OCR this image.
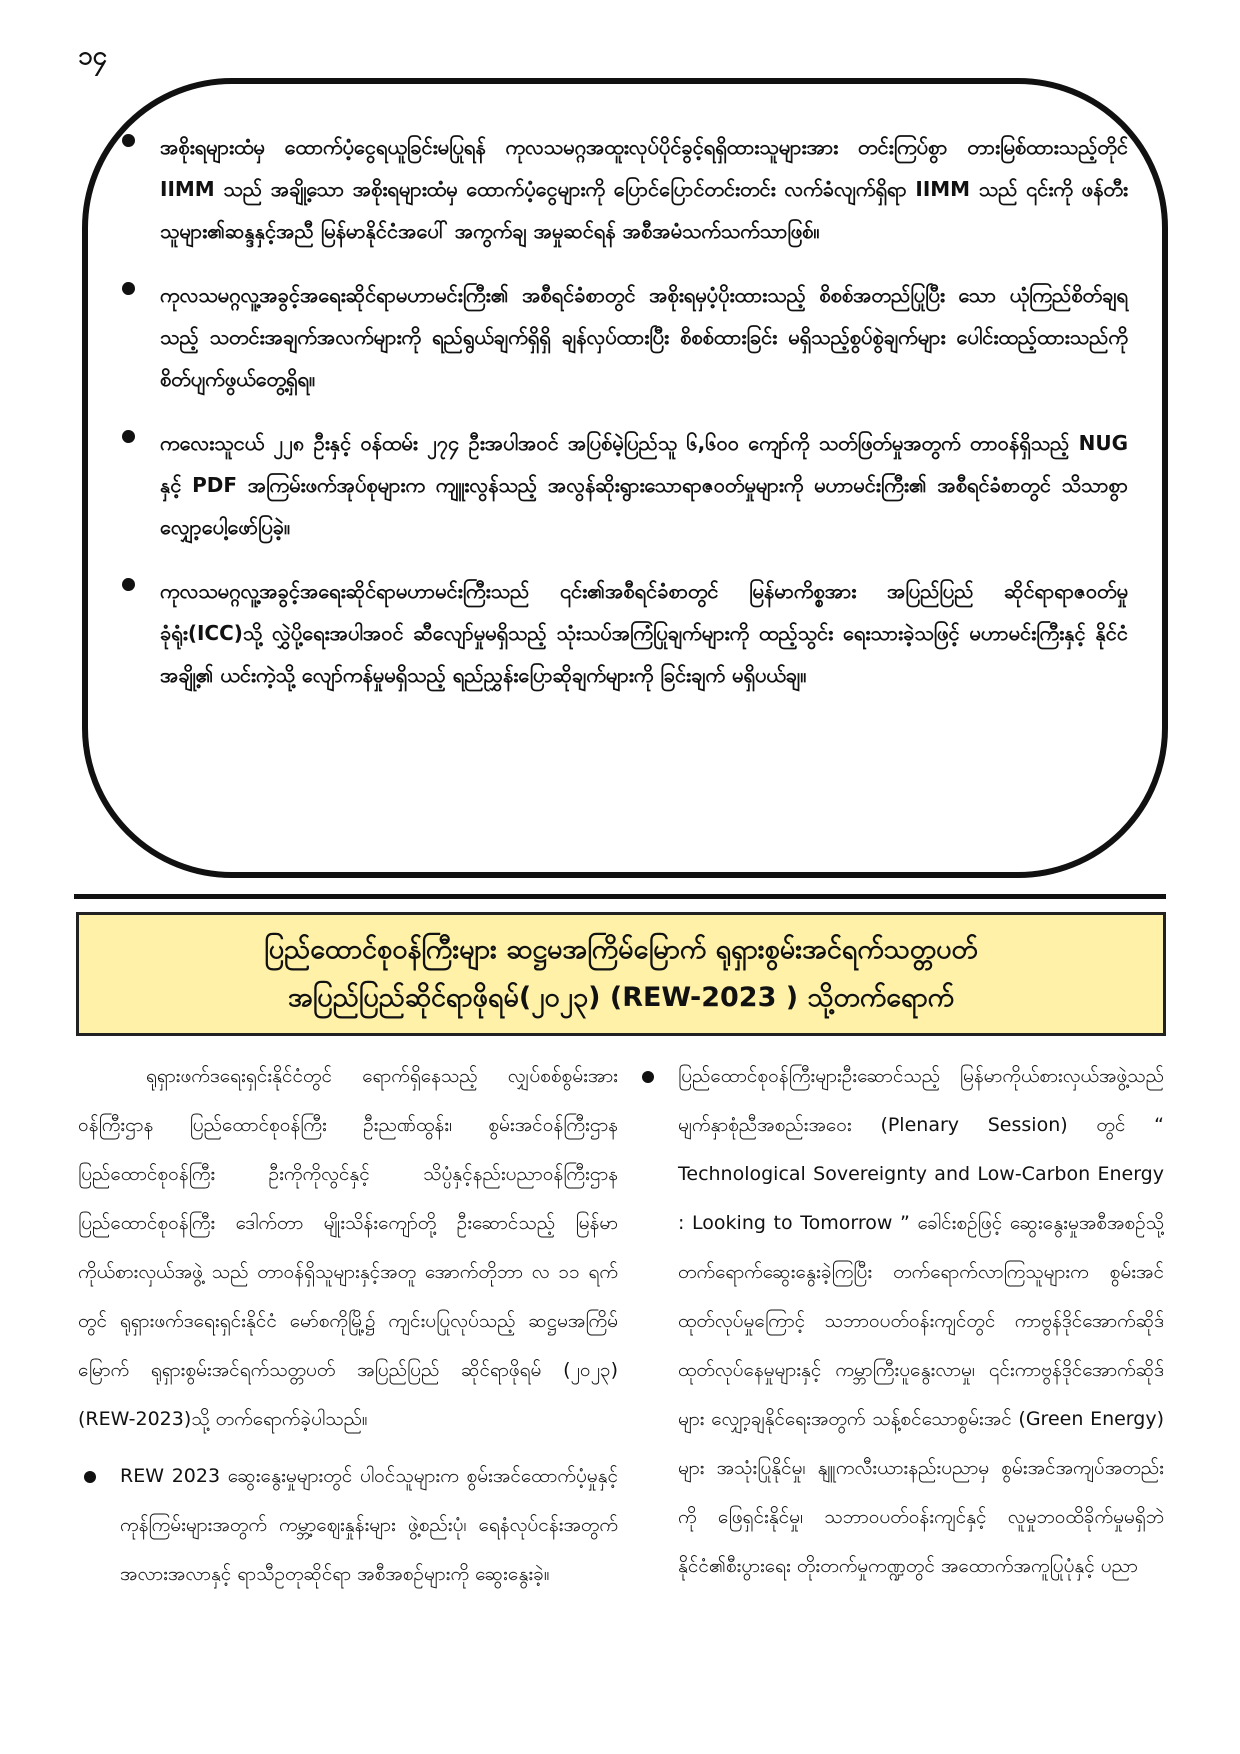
၁၄

အစိုးရများထံမှ ထောက်ပံ့ငွေရယူခြင်းမပြုရန် ကုလသမဂ္ဂအထူးလုပ်ပိုင်ခွင့်ရရှိထားသူများအား တင်းကြပ်စွာ တားမြစ်ထားသည့်တိုင် IIMM သည် အချို့သော အစိုးရများထံမှ ထောက်ပံ့ငွေများကို ပြောင်ပြောင်တင်းတင်း လက်ခံလျက်ရှိရာ IIMM သည် ၎င်းကို ဖန်တီးသူများ၏ဆန္ဒနှင့်အညီ မြန်မာနိုင်ငံအပေါ် အကွက်ချ အမှုဆင်ရန် အစီအမံသက်သက်သာဖြစ်။

ကုလသမဂ္ဂလူ့အခွင့်အရေးဆိုင်ရာမဟာမင်းကြီး၏ အစီရင်ခံစာတွင် အစိုးရမှပံ့ပိုးထားသည့် စိစစ်အတည်ပြုပြီး သော ယုံကြည်စိတ်ချရသည့် သတင်းအချက်အလက်များကို ရည်ရွယ်ချက်ရှိရှိ ချန်လှပ်ထားပြီး စိစစ်ထားခြင်း မရှိသည့်စွပ်စွဲချက်များ ပေါင်းထည့်ထားသည်ကို စိတ်ပျက်ဖွယ်တွေ့ရှိရ။

ကလေးသူငယ် ၂၂၈ ဦးနှင့် ဝန်ထမ်း ၂၇၄ ဦးအပါအဝင် အပြစ်မဲ့ပြည်သူ ၆,၆၀၀ ကျော်ကို သတ်ဖြတ်မှုအတွက် တာဝန်ရှိသည့် NUG နှင့် PDF အကြမ်းဖက်အုပ်စုများက ကျူးလွန်သည့် အလွန်ဆိုးရွားသောရာဇဝတ်မှုများကို မဟာမင်းကြီး၏ အစီရင်ခံစာတွင် သိသာစွာလျှော့ပေါ့ဖော်ပြခဲ့။

ကုလသမဂ္ဂလူ့အခွင့်အရေးဆိုင်ရာမဟာမင်းကြီးသည် ၎င်း၏အစီရင်ခံစာတွင် မြန်မာကိစ္စအား အပြည်ပြည် ဆိုင်ရာရာဇဝတ်မှုခုံရုံး(ICC)သို့ လွှဲပို့ရေးအပါအဝင် ဆီလျော်မှုမရှိသည့် သုံးသပ်အကြံပြုချက်များကို ထည့်သွင်း ရေးသားခဲ့သဖြင့် မဟာမင်းကြီးနှင့် နိုင်ငံအချို့၏ ယင်းကဲ့သို့ လျော်ကန်မှုမရှိသည့် ရည်ညွှန်းပြောဆိုချက်များကို ခြင်းချက် မရှိပယ်ချ။

ပြည်ထောင်စုဝန်ကြီးများ ဆဋ္ဌမအကြိမ်မြောက် ရုရှားစွမ်းအင်ရက်သတ္တပတ်
အပြည်ပြည်ဆိုင်ရာဖိုရမ်(၂၀၂၃) (REW-2023 ) သို့တက်ရောက်

ရုရှားဖက်ဒရေးရှင်းနိုင်ငံတွင် ရောက်ရှိနေသည့် လျှပ်စစ်စွမ်းအားဝန်ကြီးဌာန ပြည်ထောင်စုဝန်ကြီး ဦးညဏ်ထွန်း၊ စွမ်းအင်ဝန်ကြီးဌာန ပြည်ထောင်စုဝန်ကြီး ဦးကိုကိုလွင်နှင့် သိပ္ပံနှင့်နည်းပညာဝန်ကြီးဌာန ပြည်ထောင်စုဝန်ကြီး ဒေါက်တာ မျိုးသိန်းကျော်တို့ ဦးဆောင်သည့် မြန်မာကိုယ်စားလှယ်အဖွဲ့ သည် တာဝန်ရှိသူများနှင့်အတူ အောက်တိုဘာ လ ၁၁ ရက်တွင် ရုရှားဖက်ဒရေးရှင်းနိုင်ငံ မော်စကိုမြို့၌ ကျင်းပပြုလုပ်သည့် ဆဋ္ဌမအကြိမ်မြောက် ရုရှားစွမ်းအင်ရက်သတ္တပတ် အပြည်ပြည် ဆိုင်ရာဖိုရမ် (၂၀၂၃) (REW-2023)သို့ တက်ရောက်ခဲ့ပါသည်။

REW 2023 ဆွေးနွေးမှုများတွင် ပါဝင်သူများက စွမ်းအင်ထောက်ပံ့မှုနှင့် ကုန်ကြမ်းများအတွက် ကမ္ဘာ့ဈေးနှုန်းများ ဖွဲ့စည်းပုံ၊ ရေနံလုပ်ငန်းအတွက် အလားအလာနှင့် ရာသီဥတုဆိုင်ရာ အစီအစဉ်များကို ဆွေးနွေးခဲ့။

ပြည်ထောင်စုဝန်ကြီးများဦးဆောင်သည့် မြန်မာကိုယ်စားလှယ်အဖွဲ့သည် မျက်နှာစုံညီအစည်းအဝေး (Plenary Session) တွင် “ Technological Sovereignty and Low-Carbon Energy : Looking to Tomorrow ” ခေါင်းစဉ်ဖြင့် ဆွေးနွေးမှုအစီအစဉ်သို့ တက်ရောက်ဆွေးနွေးခဲ့ကြပြီး တက်ရောက်လာကြသူများက စွမ်းအင်ထုတ်လုပ်မှုကြောင့် သဘာဝပတ်ဝန်းကျင်တွင် ကာဗွန်ဒိုင်အောက်ဆိုဒ်ထုတ်လုပ်နေမှုများနှင့် ကမ္ဘာကြီးပူနွေးလာမှု၊ ၎င်းကာဗွန်ဒိုင်အောက်ဆိုဒ်များ လျှော့ချနိုင်ရေးအတွက် သန့်စင်သောစွမ်းအင် (Green Energy) များ အသုံးပြုနိုင်မှု၊ နျူကလီးယားနည်းပညာမှ စွမ်းအင်အကျပ်အတည်းကို ဖြေရှင်းနိုင်မှု၊ သဘာဝပတ်ဝန်းကျင်နှင့် လူမှုဘဝထိခိုက်မှုမရှိဘဲ နိုင်ငံ၏စီးပွားရေး တိုးတက်မှုကဏ္ဍတွင် အထောက်အကူပြုပုံနှင့် ပညာ
